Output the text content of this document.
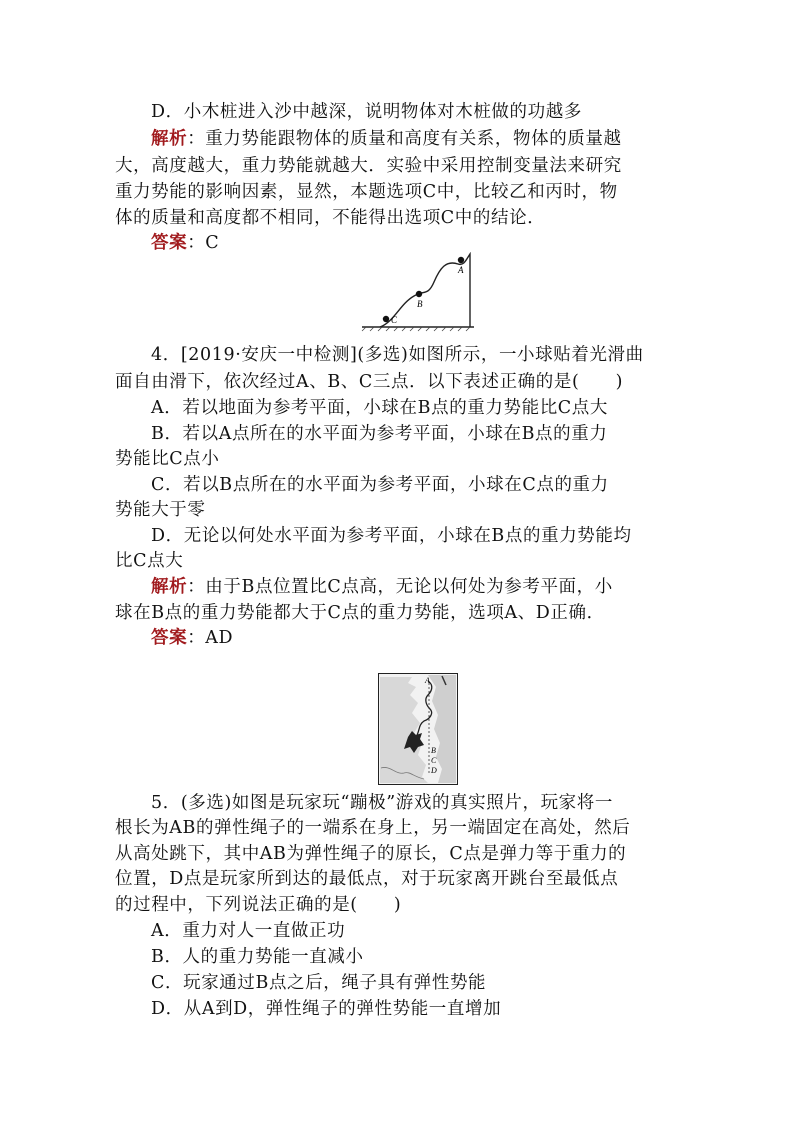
D．小木桩进入沙中越深，说明物体对木桩做的功越多
解析：重力势能跟物体的质量和高度有关系，物体的质量越
大，高度越大，重力势能就越大．实验中采用控制变量法来研究
重力势能的影响因素，显然，本题选项C中，比较乙和丙时，物
体的质量和高度都不相同，不能得出选项C中的结论．
答案：C
A
B
C
4．[2019·安庆一中检测](多选)如图所示，一小球贴着光滑曲
面自由滑下，依次经过A、B、C三点．以下表述正确的是(　　)
A．若以地面为参考平面，小球在B点的重力势能比C点大
B．若以A点所在的水平面为参考平面，小球在B点的重力
势能比C点小
C．若以B点所在的水平面为参考平面，小球在C点的重力
势能大于零
D．无论以何处水平面为参考平面，小球在B点的重力势能均
比C点大
解析：由于B点位置比C点高，无论以何处为参考平面，小
球在B点的重力势能都大于C点的重力势能，选项A、D正确．
答案：AD
A
B
C
D
5．(多选)如图是玩家玩“蹦极”游戏的真实照片，玩家将一
根长为AB的弹性绳子的一端系在身上，另一端固定在高处，然后
从高处跳下，其中AB为弹性绳子的原长，C点是弹力等于重力的
位置，D点是玩家所到达的最低点，对于玩家离开跳台至最低点
的过程中，下列说法正确的是(　　)
A．重力对人一直做正功
B．人的重力势能一直减小
C．玩家通过B点之后，绳子具有弹性势能
D．从A到D，弹性绳子的弹性势能一直增加
